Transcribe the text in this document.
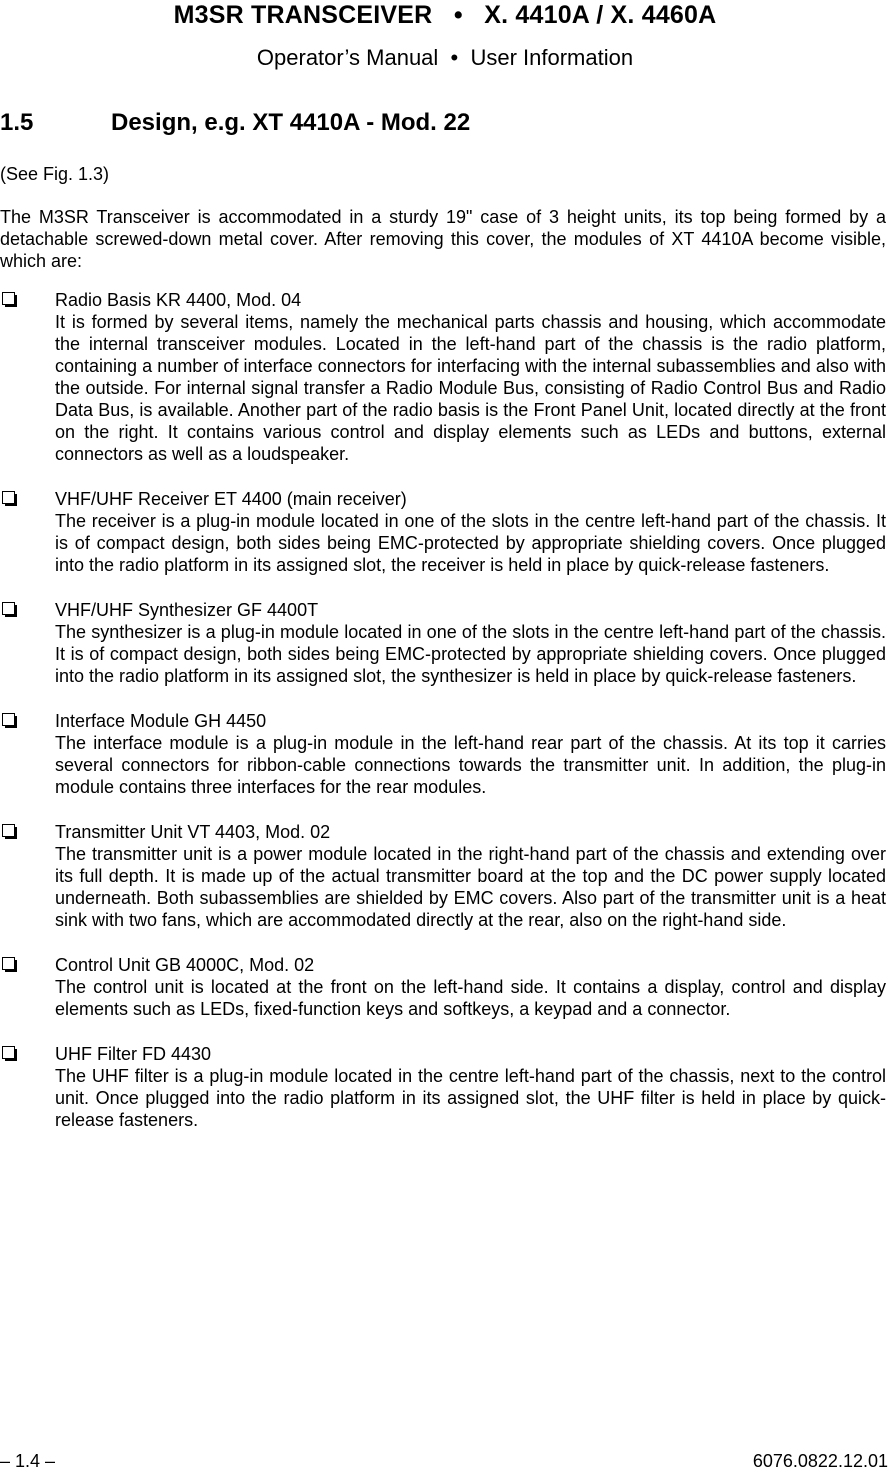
M3SR TRANSCEIVER   •   X. 4410A / X. 4460A
Operator’s Manual  •  User Information
1.5	Design, e.g. XT 4410A - Mod. 22
(See Fig. 1.3)
The M3SR Transceiver is accommodated in a sturdy 19" case of 3 height units, its top being formed by a detachable screwed-down metal cover. After removing this cover, the modules of XT 4410A become visible, which are:
Radio Basis KR 4400, Mod. 04
It is formed by several items, namely the mechanical parts chassis and housing, which accommodate the internal transceiver modules. Located in the left-hand part of the chassis is the radio platform, containing a number of interface connectors for interfacing with the internal subassemblies and also with the outside. For internal signal transfer a Radio Module Bus, consisting of Radio Control Bus and Radio Data Bus, is available. Another part of the radio basis is the Front Panel Unit, located directly at the front on the right. It contains various control and display elements such as LEDs and buttons, external connectors as well as a loudspeaker.
VHF/UHF Receiver ET 4400 (main receiver)
The receiver is a plug-in module located in one of the slots in the centre left-hand part of the chassis. It is of compact design, both sides being EMC-protected by appropriate shielding covers. Once plugged into the radio platform in its assigned slot, the receiver is held in place by quick-release fasteners.
VHF/UHF Synthesizer GF 4400T
The synthesizer is a plug-in module located in one of the slots in the centre left-hand part of the chassis. It is of compact design, both sides being EMC-protected by appropriate shielding covers. Once plugged into the radio platform in its assigned slot, the synthesizer is held in place by quick-release fasteners.
Interface Module GH 4450
The interface module is a plug-in module in the left-hand rear part of the chassis. At its top it carries several connectors for ribbon-cable connections towards the transmitter unit. In addition, the plug-in module contains three interfaces for the rear modules.
Transmitter Unit VT 4403, Mod. 02
The transmitter unit is a power module located in the right-hand part of the chassis and extending over its full depth. It is made up of the actual transmitter board at the top and the DC power supply located underneath. Both subassemblies are shielded by EMC covers. Also part of the transmitter unit is a heat sink with two fans, which are accommodated directly at the rear, also on the right-hand side.
Control Unit GB 4000C, Mod. 02
The control unit is located at the front on the left-hand side. It contains a display, control and display elements such as LEDs, fixed-function keys and softkeys, a keypad and a connector.
UHF Filter FD 4430
The UHF filter is a plug-in module located in the centre left-hand part of the chassis, next to the control unit. Once plugged into the radio platform in its assigned slot, the UHF filter is held in place by quick-release fasteners.
– 1.4 –	6076.0822.12.01
